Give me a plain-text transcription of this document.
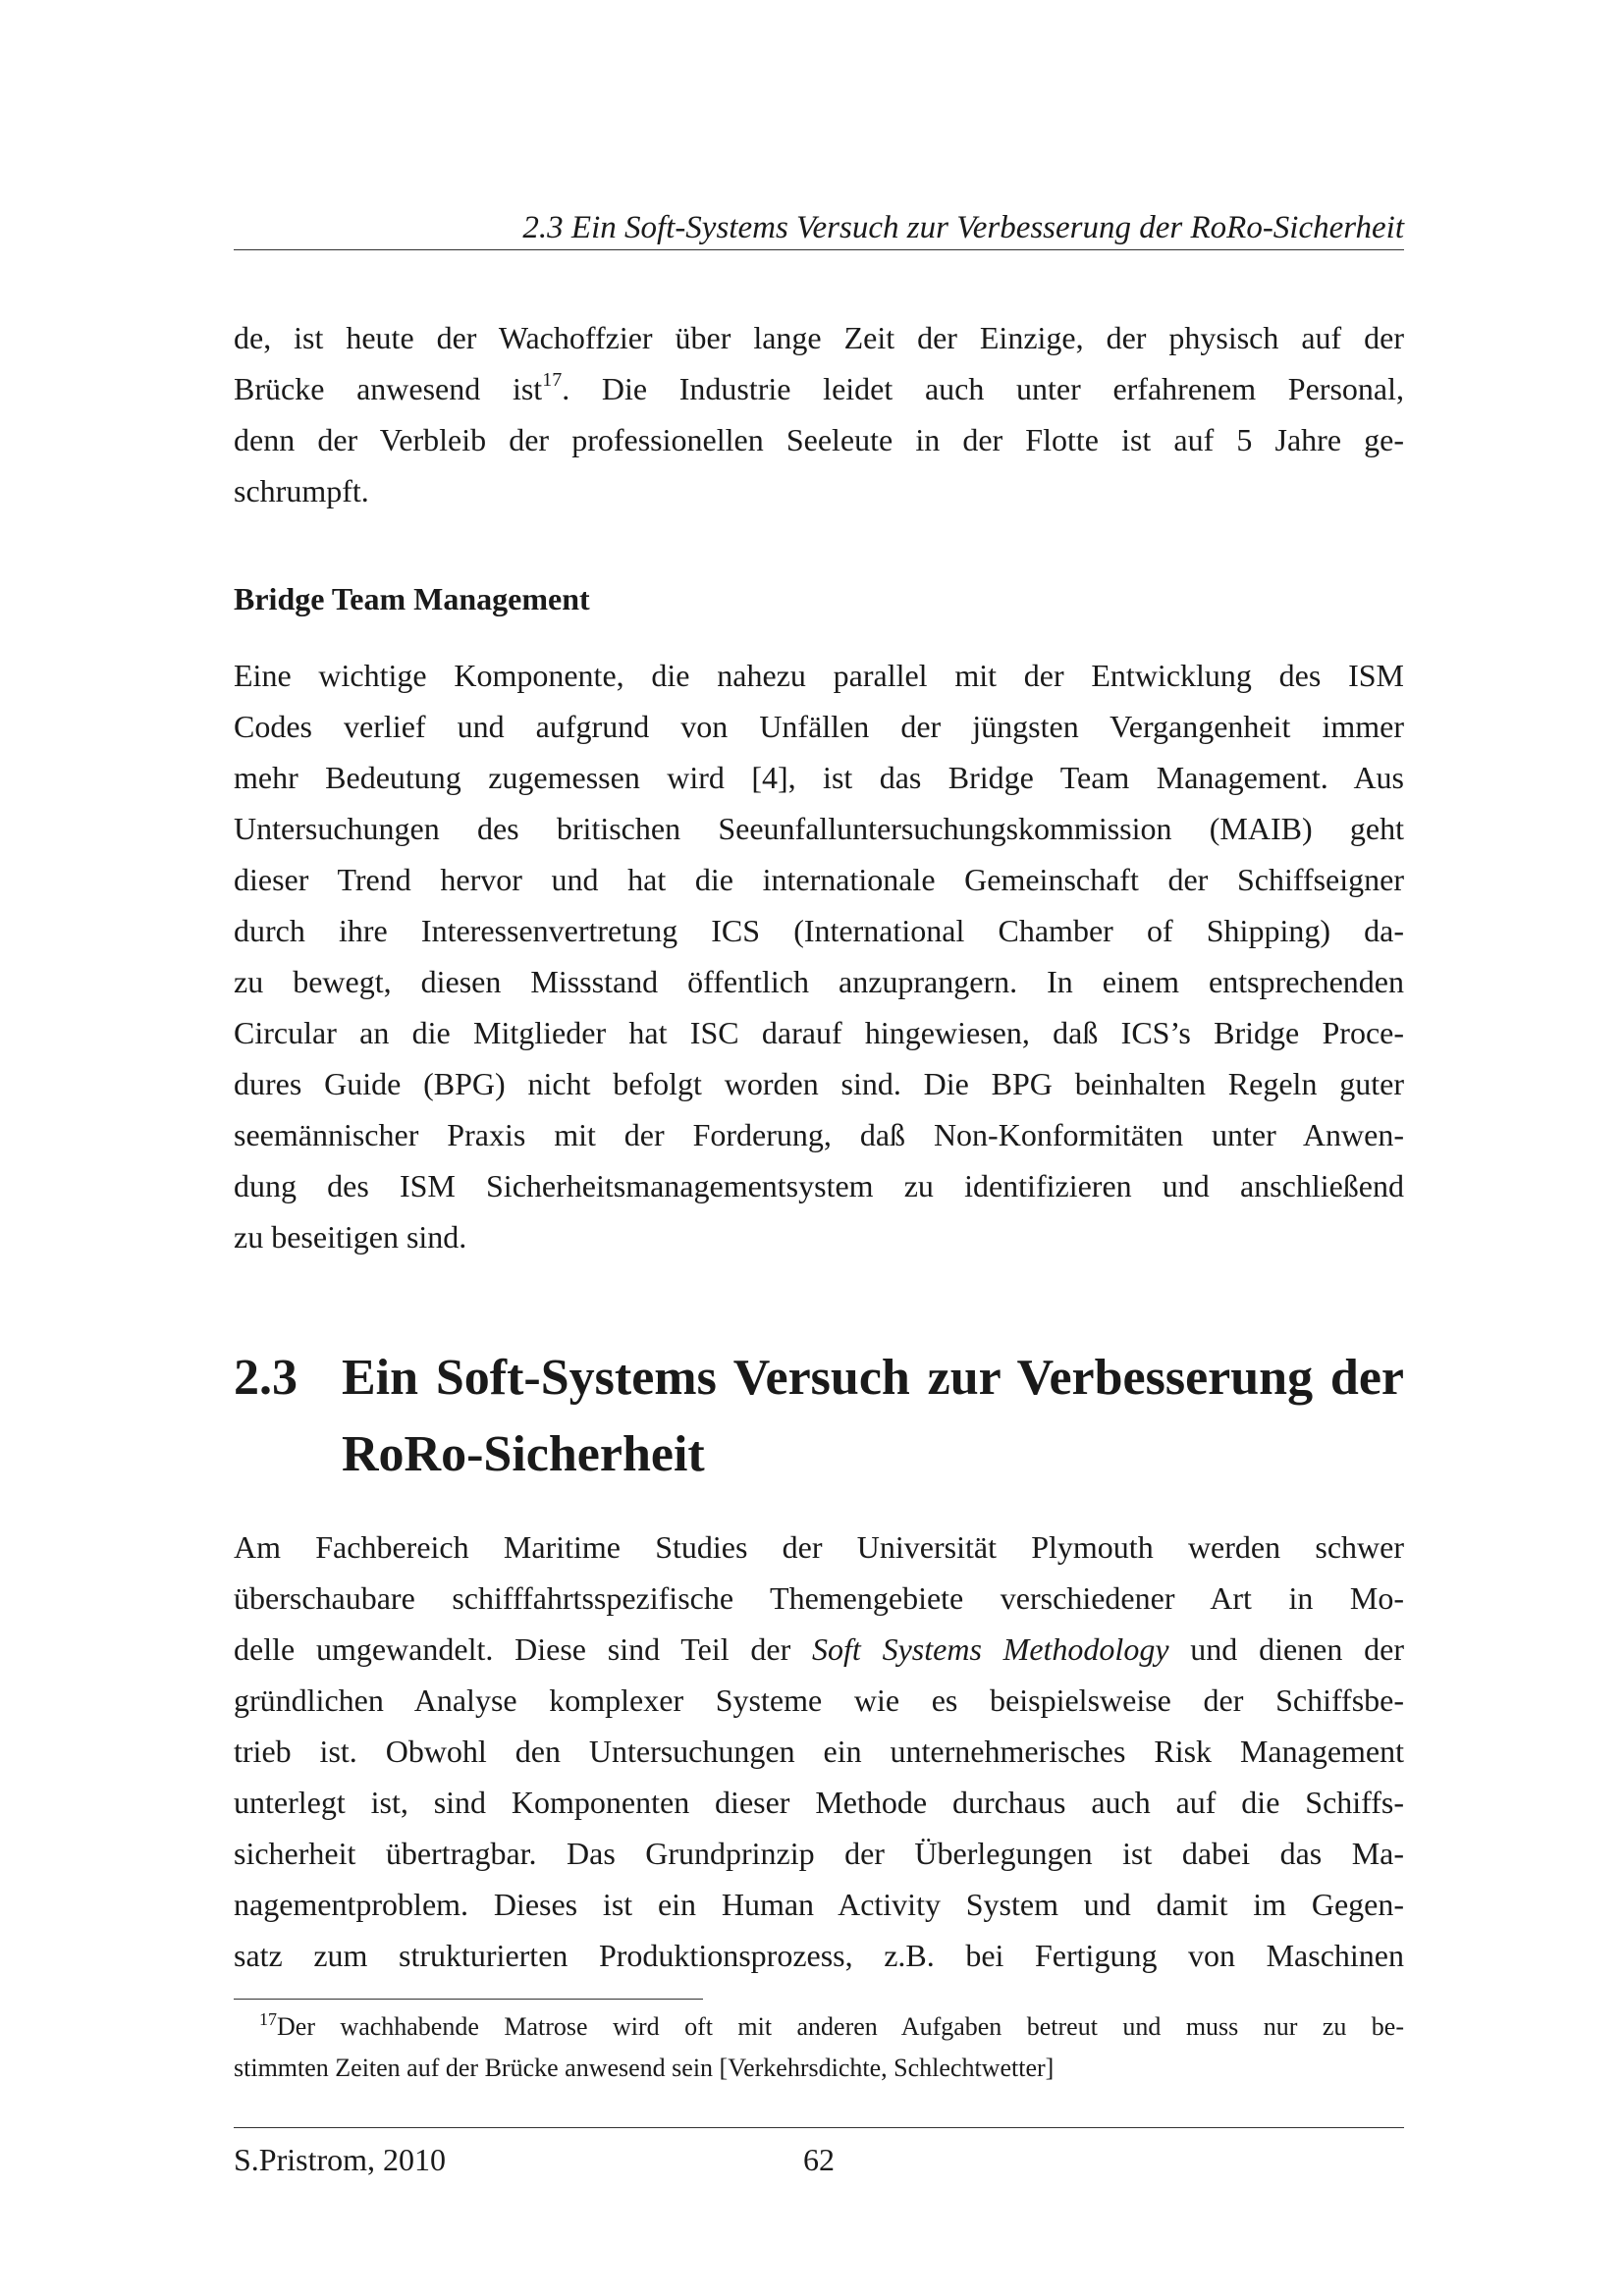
2.3 Ein Soft-Systems Versuch zur Verbesserung der RoRo-Sicherheit
de, ist heute der Wachoffzier über lange Zeit der Einzige, der physisch auf der
Brücke anwesend ist$^{17}$. Die Industrie leidet auch unter erfahrenem Personal,
denn der Verbleib der professionellen Seeleute in der Flotte ist auf 5 Jahre ge-
schrumpft.
Bridge Team Management
Eine wichtige Komponente, die nahezu parallel mit der Entwicklung des ISM
Codes verlief und aufgrund von Unfällen der jüngsten Vergangenheit immer
mehr Bedeutung zugemessen wird [4], ist das Bridge Team Management. Aus
Untersuchungen des britischen Seeunfalluntersuchungskommission (MAIB) geht
dieser Trend hervor und hat die internationale Gemeinschaft der Schiffseigner
durch ihre Interessenvertretung ICS (International Chamber of Shipping) da-
zu bewegt, diesen Missstand öffentlich anzuprangern. In einem entsprechenden
Circular an die Mitglieder hat ISC darauf hingewiesen, daß ICS’s Bridge Proce-
dures Guide (BPG) nicht befolgt worden sind. Die BPG beinhalten Regeln guter
seemännischer Praxis mit der Forderung, daß Non-Konformitäten unter Anwen-
dung des ISM Sicherheitsmanagementsystem zu identifizieren und anschließend
zu beseitigen sind.
2.3 Ein Soft-Systems Versuch zur Verbesserung der
RoRo-Sicherheit
Am Fachbereich Maritime Studies der Universität Plymouth werden schwer
überschaubare schifffahrtsspezifische Themengebiete verschiedener Art in Mo-
delle umgewandelt. Diese sind Teil der Soft Systems Methodology und dienen der
gründlichen Analyse komplexer Systeme wie es beispielsweise der Schiffsbe-
trieb ist. Obwohl den Untersuchungen ein unternehmerisches Risk Management
unterlegt ist, sind Komponenten dieser Methode durchaus auch auf die Schiffs-
sicherheit übertragbar. Das Grundprinzip der Überlegungen ist dabei das Ma-
nagementproblem. Dieses ist ein Human Activity System und damit im Gegen-
satz zum strukturierten Produktionsprozess, z.B. bei Fertigung von Maschinen
$^{17}$Der wachhabende Matrose wird oft mit anderen Aufgaben betreut und muss nur zu be-
stimmten Zeiten auf der Brücke anwesend sein [Verkehrsdichte, Schlechtwetter]
S.Pristrom, 2010	62
